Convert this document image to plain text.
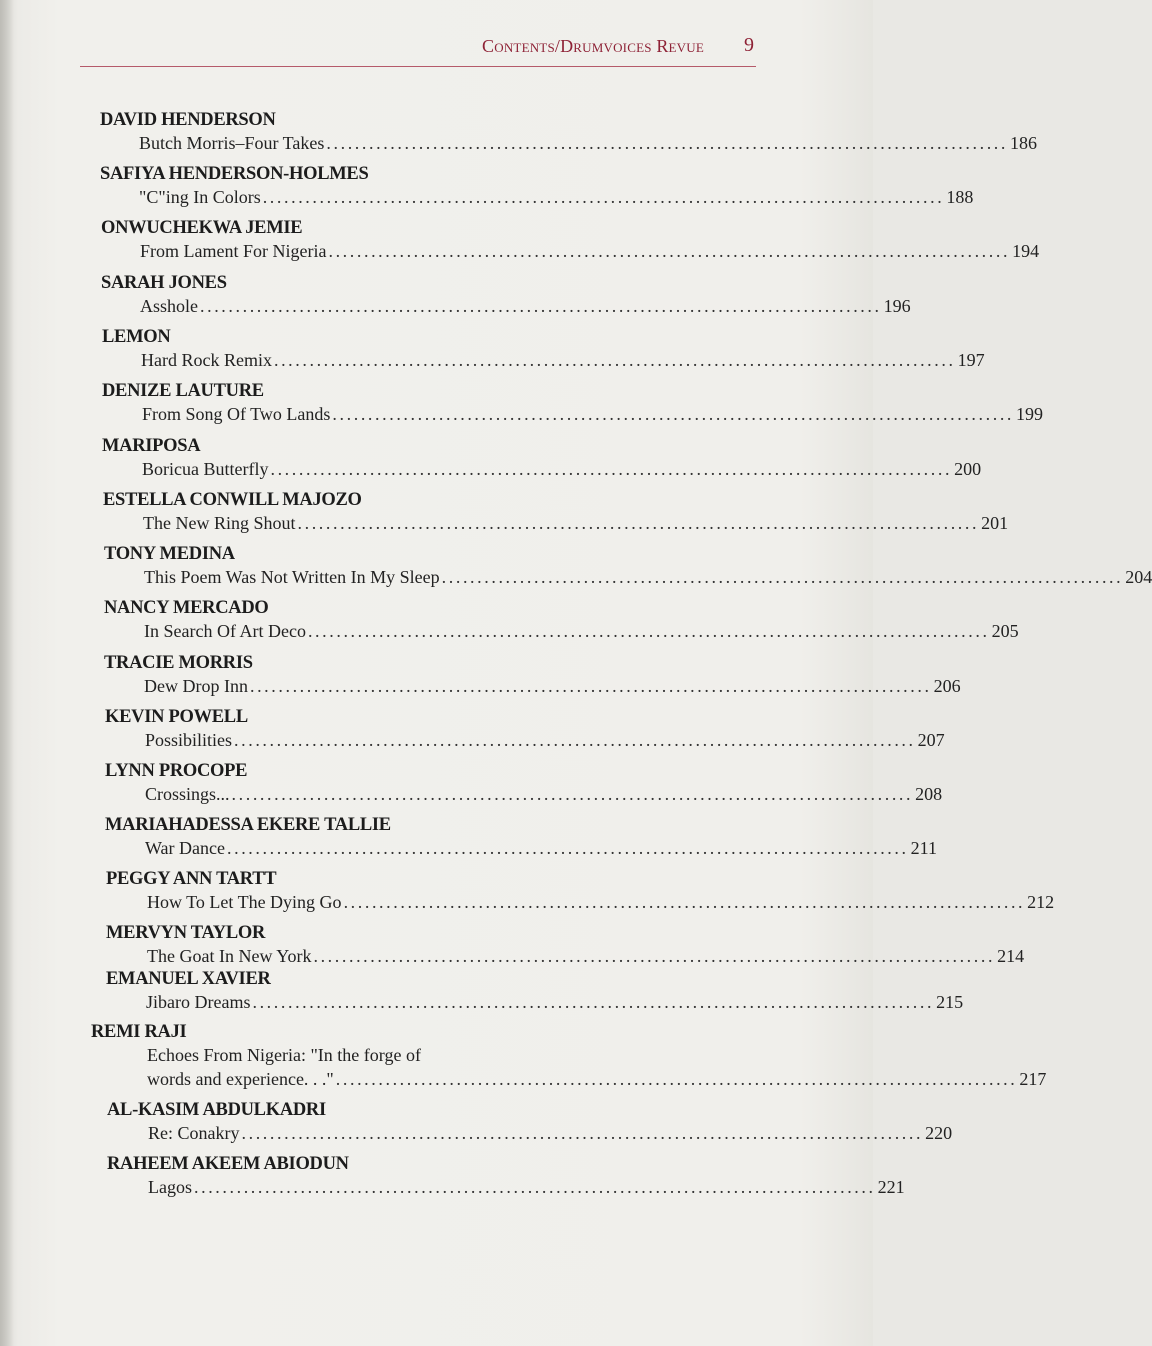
Contents/Drumvoices Revue 9
DAVID HENDERSON
Butch Morris–Four Takes ................................................................................................ 186
SAFIYA HENDERSON-HOLMES
"C"ing In Colors ................................................................................................ 188
ONWUCHEKWA JEMIE
From Lament For Nigeria ................................................................................................ 194
SARAH JONES
Asshole ................................................................................................ 196
LEMON
Hard Rock Remix ................................................................................................ 197
DENIZE LAUTURE
From Song Of Two Lands ................................................................................................ 199
MARIPOSA
Boricua Butterfly ................................................................................................ 200
ESTELLA CONWILL MAJOZO
The New Ring Shout ................................................................................................ 201
TONY MEDINA
This Poem Was Not Written In My Sleep ................................................................................................ 204
NANCY MERCADO
In Search Of Art Deco ................................................................................................ 205
TRACIE MORRIS
Dew Drop Inn ................................................................................................ 206
KEVIN POWELL
Possibilities ................................................................................................ 207
LYNN PROCOPE
Crossings... ................................................................................................ 208
MARIAHADESSA EKERE TALLIE
War Dance ................................................................................................ 211
PEGGY ANN TARTT
How To Let The Dying Go ................................................................................................ 212
MERVYN TAYLOR
The Goat In New York ................................................................................................ 214
EMANUEL XAVIER
Jibaro Dreams ................................................................................................ 215
REMI RAJI
Echoes From Nigeria: "In the forge of
words and experience. . ." ................................................................................................ 217
AL-KASIM ABDULKADRI
Re: Conakry ................................................................................................ 220
RAHEEM AKEEM ABIODUN
Lagos ................................................................................................ 221
